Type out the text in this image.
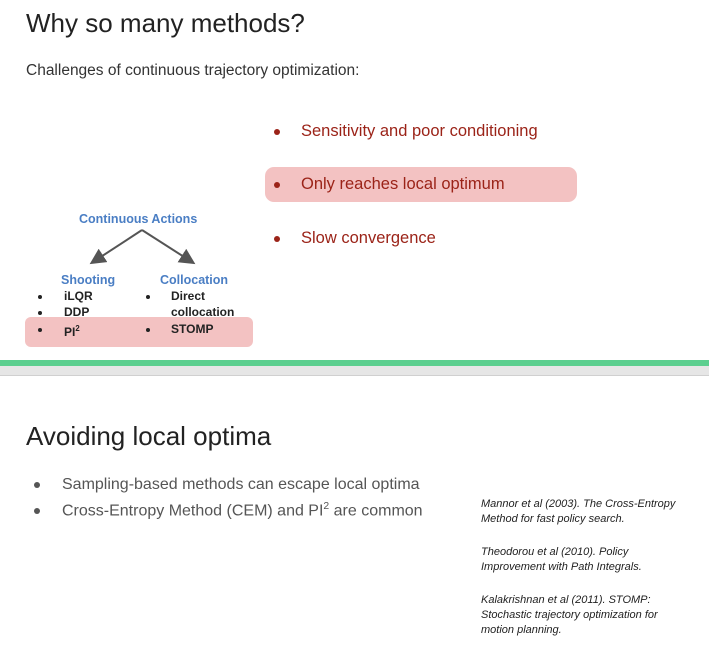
Why so many methods?
Challenges of continuous trajectory optimization:
Sensitivity and poor conditioning
Only reaches local optimum
Slow convergence
Continuous Actions
Shooting	Collocation
iLQR
DDP
$PI^2$
Direct
collocation
STOMP
Avoiding local optima
Sampling-based methods can escape local optima
Cross-Entropy Method (CEM) and $PI^2$ are common	Mannor et al (2003). The Cross-Entropy
Method for fast policy search.
Theodorou et al (2010). Policy
Improvement with Path Integrals.
Kalakrishnan et al (2011). STOMP:
Stochastic trajectory optimization for
motion planning.
